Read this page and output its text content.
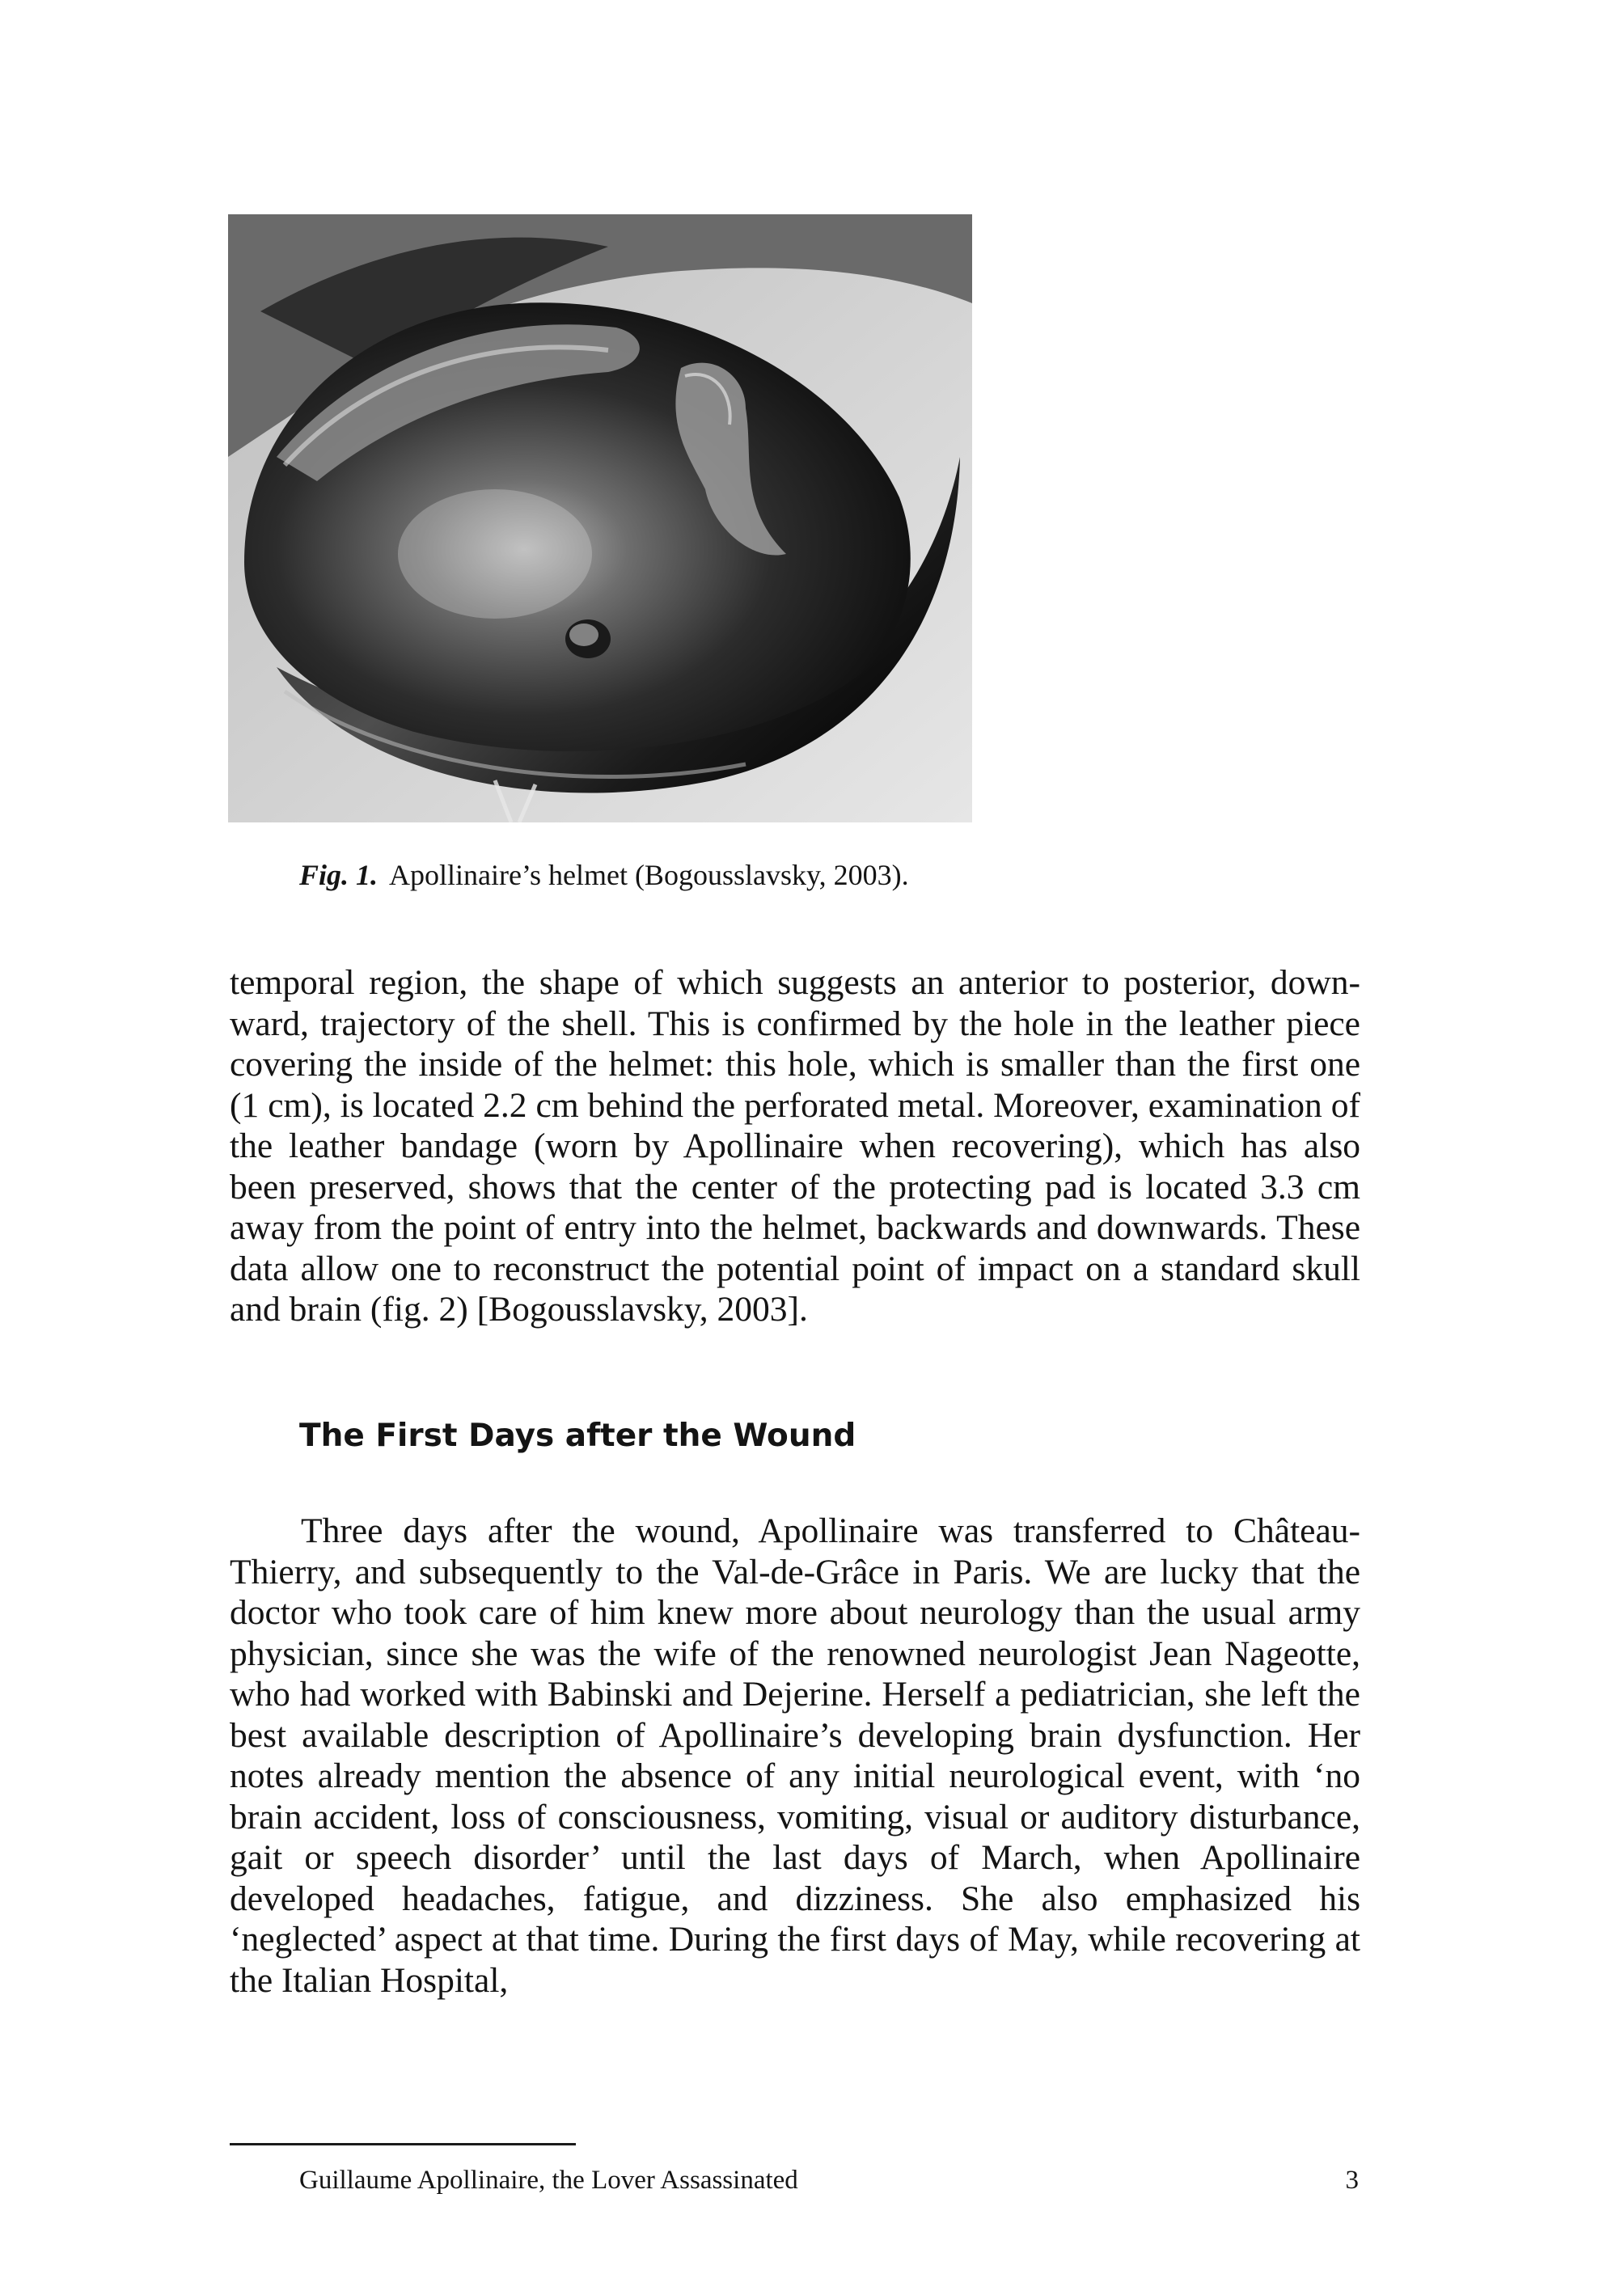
Fig. 1. Apollinaire’s helmet (Bogousslavsky, 2003).

temporal region, the shape of which suggests an anterior to posterior, downward, trajectory of the shell. This is confirmed by the hole in the leather piece covering the inside of the helmet: this hole, which is smaller than the first one (1 cm), is located 2.2 cm behind the perforated metal. Moreover, examination of the leather bandage (worn by Apollinaire when recovering), which has also been preserved, shows that the center of the protecting pad is located 3.3 cm away from the point of entry into the helmet, backwards and downwards. These data allow one to reconstruct the potential point of impact on a standard skull and brain (fig. 2) [Bogousslavsky, 2003].

The First Days after the Wound

Three days after the wound, Apollinaire was transferred to Château-Thierry, and subsequently to the Val-de-Grâce in Paris. We are lucky that the doctor who took care of him knew more about neurology than the usual army physician, since she was the wife of the renowned neurologist Jean Nageotte, who had worked with Babinski and Dejerine. Herself a pediatrician, she left the best available description of Apollinaire’s developing brain dysfunction. Her notes already mention the absence of any initial neurological event, with ‘no brain accident, loss of consciousness, vomiting, visual or auditory disturbance, gait or speech disorder’ until the last days of March, when Apollinaire developed headaches, fatigue, and dizziness. She also emphasized his ‘neglected’ aspect at that time. During the first days of May, while recovering at the Italian Hospital,

Guillaume Apollinaire, the Lover Assassinated	3
